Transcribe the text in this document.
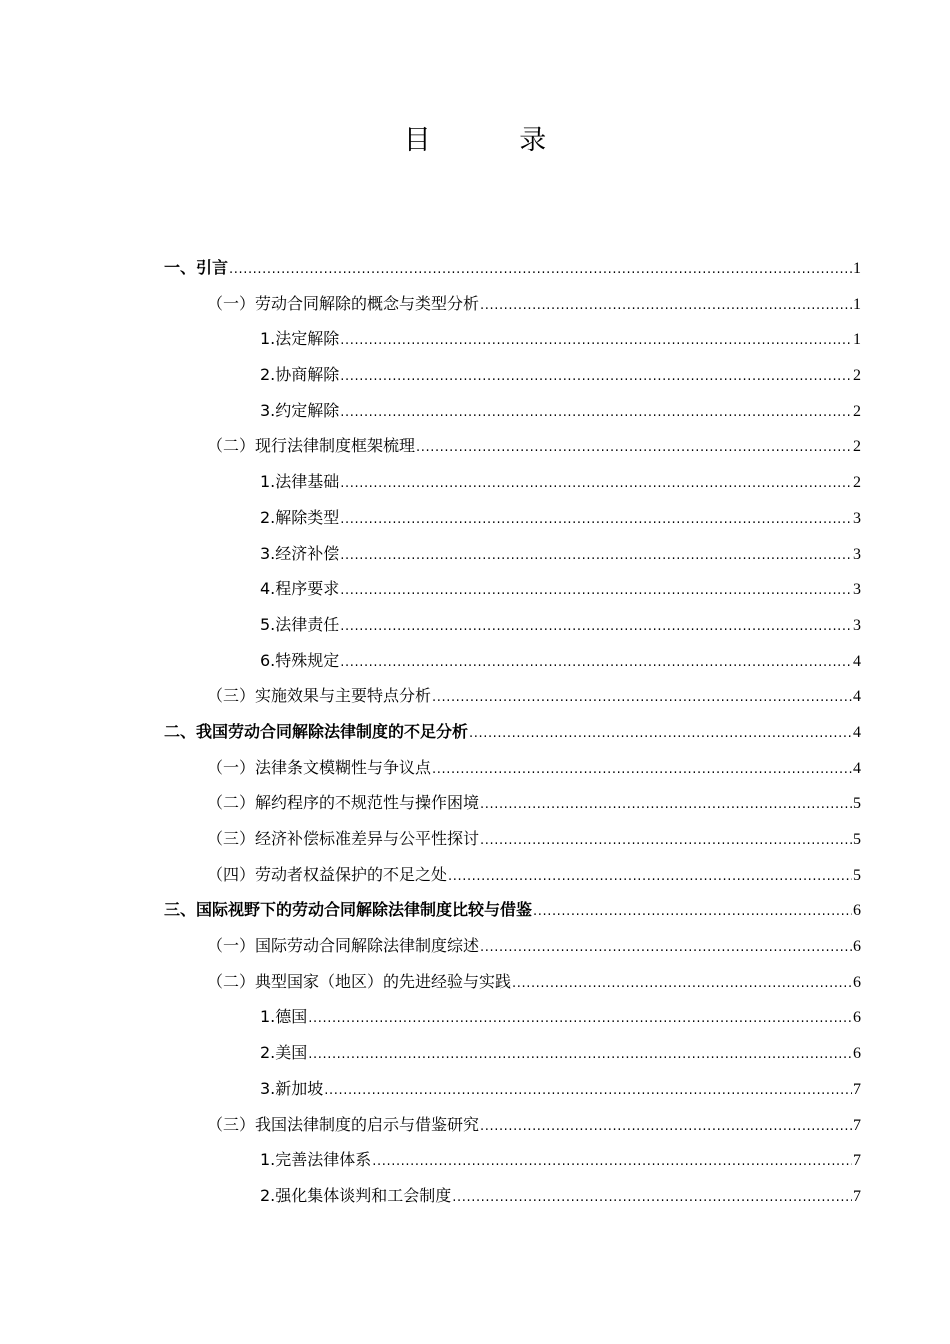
目 录
一、引言 .....	1
（一）劳动合同解除的概念与类型分析 .....	1
1.法定解除 .....	1
2.协商解除 .....	2
3.约定解除 .....	2
（二）现行法律制度框架梳理 .....	2
1.法律基础 .....	2
2.解除类型 .....	3
3.经济补偿 .....	3
4.程序要求 .....	3
5.法律责任 .....	3
6.特殊规定 .....	4
（三）实施效果与主要特点分析 .....	4
二、我国劳动合同解除法律制度的不足分析 .....	4
（一）法律条文模糊性与争议点 .....	4
（二）解约程序的不规范性与操作困境 .....	5
（三）经济补偿标准差异与公平性探讨 .....	5
（四）劳动者权益保护的不足之处 .....	5
三、国际视野下的劳动合同解除法律制度比较与借鉴 .....	6
（一）国际劳动合同解除法律制度综述 .....	6
（二）典型国家（地区）的先进经验与实践 .....	6
1.德国 .....	6
2.美国 .....	6
3.新加坡 .....	7
（三）我国法律制度的启示与借鉴研究 .....	7
1.完善法律体系 .....	7
2.强化集体谈判和工会制度 .....	7
